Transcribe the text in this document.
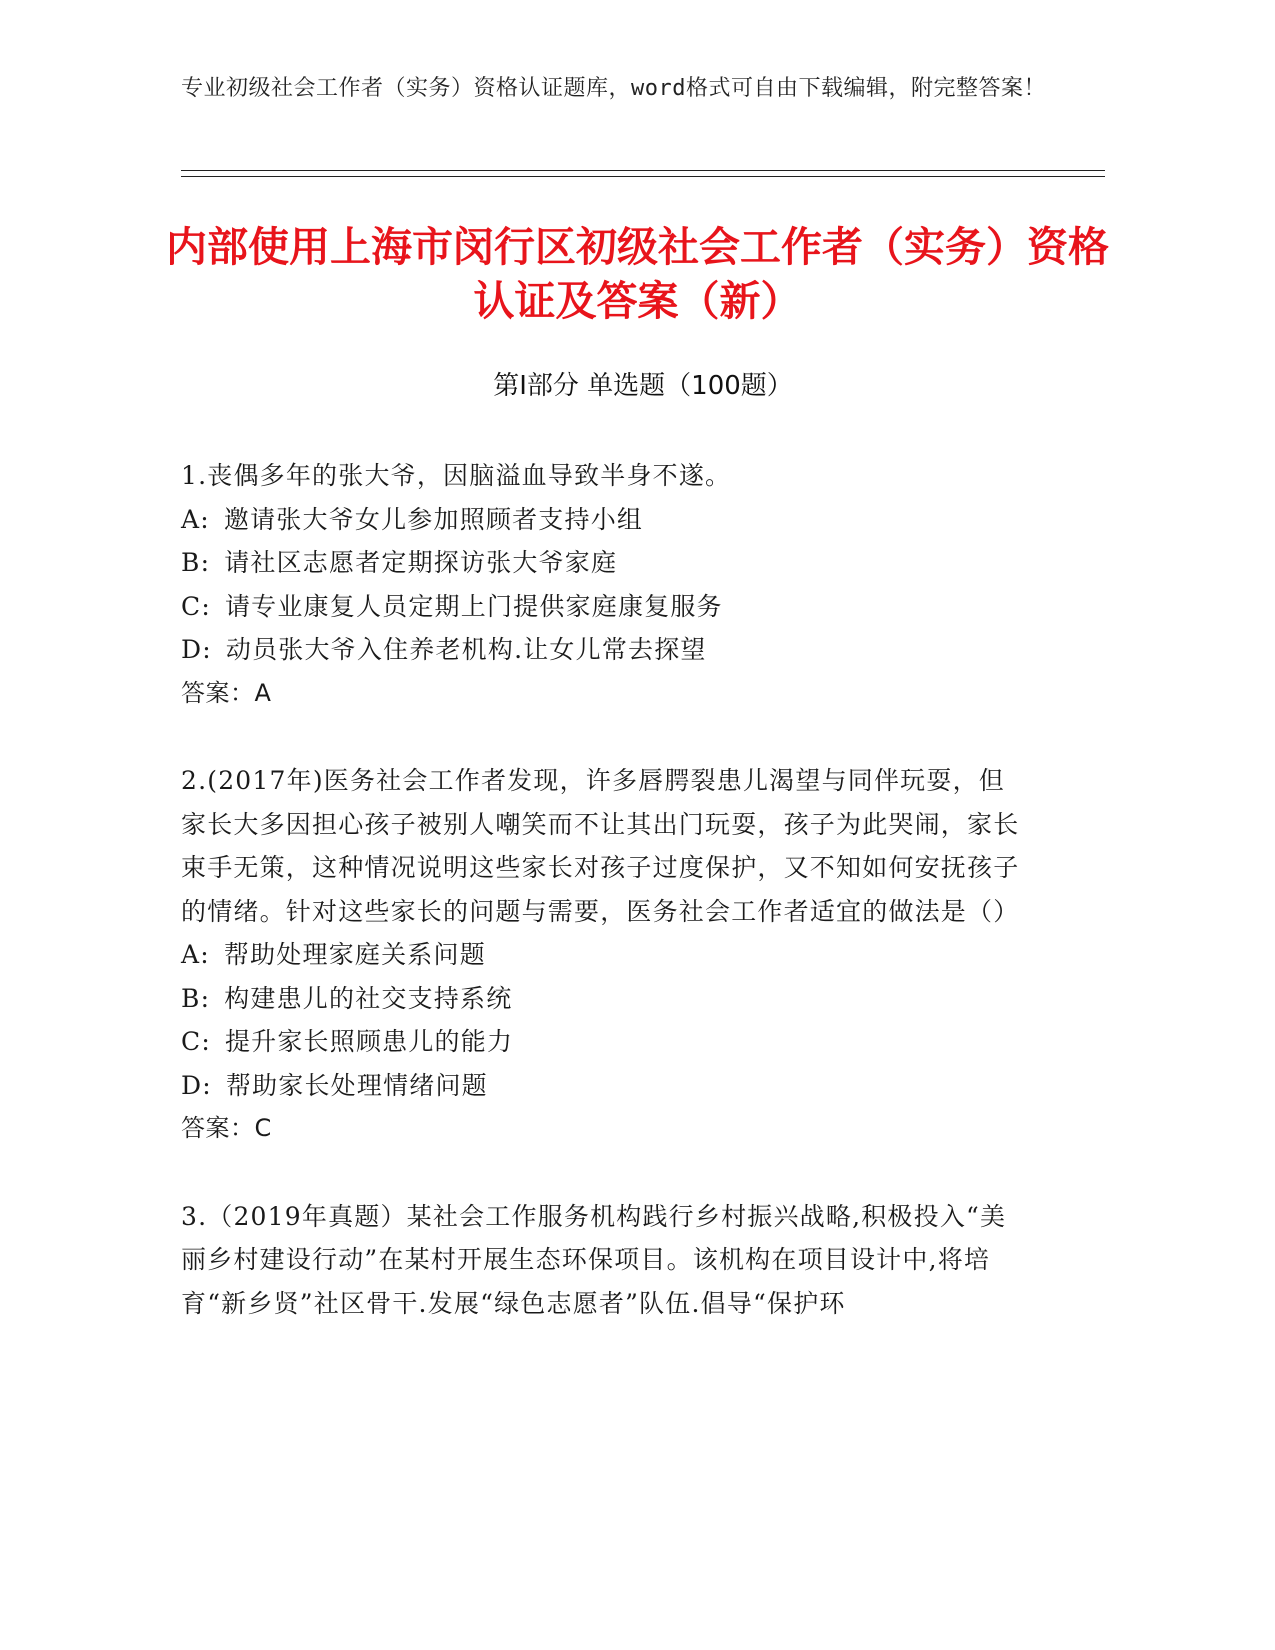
专业初级社会工作者（实务）资格认证题库，word格式可自由下载编辑，附完整答案！
内部使用上海市闵行区初级社会工作者（实务）资格认证及答案（新）
第I部分 单选题（100题）

1.丧偶多年的张大爷，因脑溢血导致半身不遂。

A: 邀请张大爷女儿参加照顾者支持小组

B: 请社区志愿者定期探访张大爷家庭

C: 请专业康复人员定期上门提供家庭康复服务

D: 动员张大爷入住养老机构.让女儿常去探望

答案：A

2.(2017年)医务社会工作者发现，许多唇腭裂患儿渴望与同伴玩耍，但家长大多因担心孩子被别人嘲笑而不让其出门玩耍，孩子为此哭闹，家长束手无策，这种情况说明这些家长对孩子过度保护，又不知如何安抚孩子的情绪。针对这些家长的问题与需要，医务社会工作者适宜的做法是（）

A: 帮助处理家庭关系问题

B: 构建患儿的社交支持系统

C: 提升家长照顾患儿的能力

D: 帮助家长处理情绪问题

答案：C

3.（2019年真题）某社会工作服务机构践行乡村振兴战略,积极投入“美丽乡村建设行动”在某村开展生态环保项目。该机构在项目设计中,将培育“新乡贤”社区骨干.发展“绿色志愿者”队伍.倡导“保护环
